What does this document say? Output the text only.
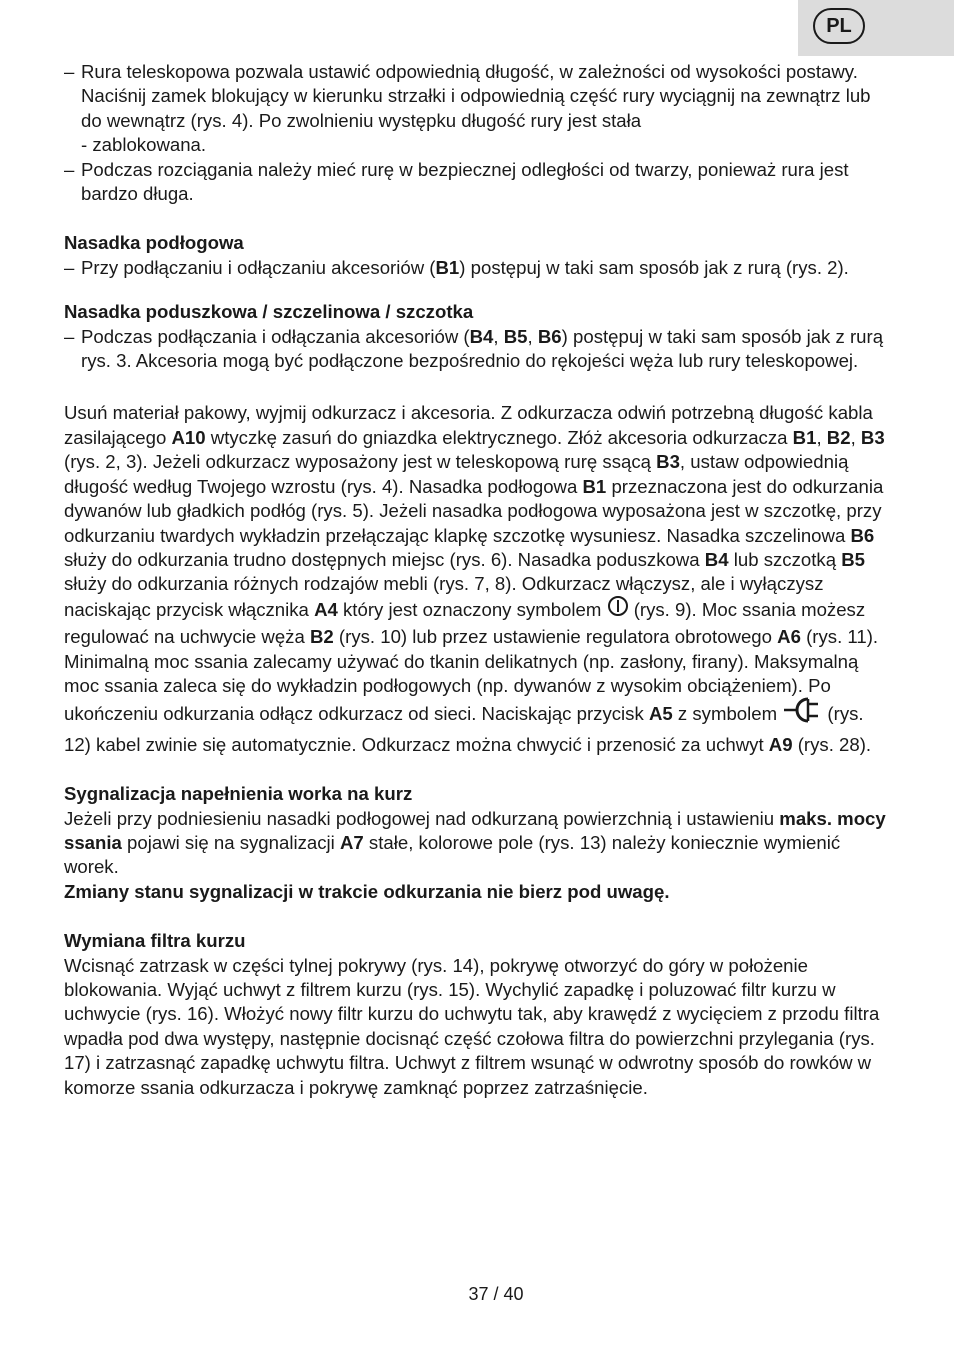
PL
– Rura teleskopowa pozwala ustawić odpowiednią długość, w zależności od wysokości postawy. Naciśnij zamek blokujący w kierunku strzałki i odpowiednią część rury wyciągnij na zewnątrz lub do wewnątrz (rys. 4). Po zwolnieniu występku długość rury jest stała
- zablokowana.

– Podczas rozciągania należy mieć rurę w bezpiecznej odległości od twarzy, ponieważ rura jest bardzo długa.

Nasadka podłogowa

– Przy podłączaniu i odłączaniu akcesoriów (B1) postępuj w taki sam sposób jak z rurą (rys. 2).

Nasadka poduszkowa / szczelinowa / szczotka

– Podczas podłączania i odłączania akcesoriów (B4, B5, B6) postępuj w taki sam sposób jak z rurą rys. 3. Akcesoria mogą być podłączone bezpośrednio do rękojeści węża lub rury teleskopowej.

Usuń materiał pakowy, wyjmij odkurzacz i akcesoria. Z odkurzacza odwiń potrzebną długość kabla zasilającego A10 wtyczkę zasuń do gniazdka elektrycznego. Złóż akcesoria odkurzacza B1, B2, B3 (rys. 2, 3). Jeżeli odkurzacz wyposażony jest w teleskopową rurę ssącą B3, ustaw odpowiednią długość według Twojego wzrostu (rys. 4). Nasadka podłogowa B1 przeznaczona jest do odkurzania dywanów lub gładkich podłóg (rys. 5). Jeżeli nasadka podłogowa wyposażona jest w szczotkę, przy odkurzaniu twardych wykładzin przełączając klapkę szczotkę wysuniesz. Nasadka szczelinowa B6 służy do odkurzania trudno dostępnych miejsc (rys. 6). Nasadka poduszkowa B4 lub szczotką B5 służy do odkurzania różnych rodzajów mebli (rys. 7, 8). Odkurzacz włączysz, ale i wyłączysz naciskając przycisk włącznika A4 który jest oznaczony symbolem  (rys. 9). Moc ssania możesz regulować na uchwycie węża B2 (rys. 10) lub przez ustawienie regulatora obrotowego A6 (rys. 11). Minimalną moc ssania zalecamy używać do tkanin delikatnych (np. zasłony, firany). Maksymalną moc ssania zaleca się do wykładzin podłogowych (np. dywanów z wysokim obciążeniem). Po ukończeniu odkurzania odłącz odkurzacz od sieci. Naciskając przycisk A5 z symbolem  (rys. 12) kabel zwinie się automatycznie. Odkurzacz można chwycić i przenosić za uchwyt A9 (rys. 28).

Sygnalizacja napełnienia worka na kurz

Jeżeli przy podniesieniu nasadki podłogowej nad odkurzaną powierzchnią i ustawieniu maks. mocy ssania pojawi się na sygnalizacji A7 stałe, kolorowe pole (rys. 13) należy koniecznie wymienić worek.

Zmiany stanu sygnalizacji w trakcie odkurzania nie bierz pod uwagę.

Wymiana filtra kurzu

Wcisnąć zatrzask w części tylnej pokrywy (rys. 14), pokrywę otworzyć do góry w położenie blokowania. Wyjąć uchwyt z filtrem kurzu (rys. 15). Wychylić zapadkę i poluzować filtr kurzu w uchwycie (rys. 16). Włożyć nowy filtr kurzu do uchwytu tak, aby krawędź z wycięciem z przodu filtra wpadła pod dwa występy, następnie docisnąć część czołowa filtra do powierzchni przylegania (rys. 17) i zatrzasnąć zapadkę uchwytu filtra. Uchwyt z filtrem wsunąć w odwrotny sposób do rowków w komorze ssania odkurzacza i pokrywę zamknąć poprzez zatrzaśnięcie.

37 / 40
